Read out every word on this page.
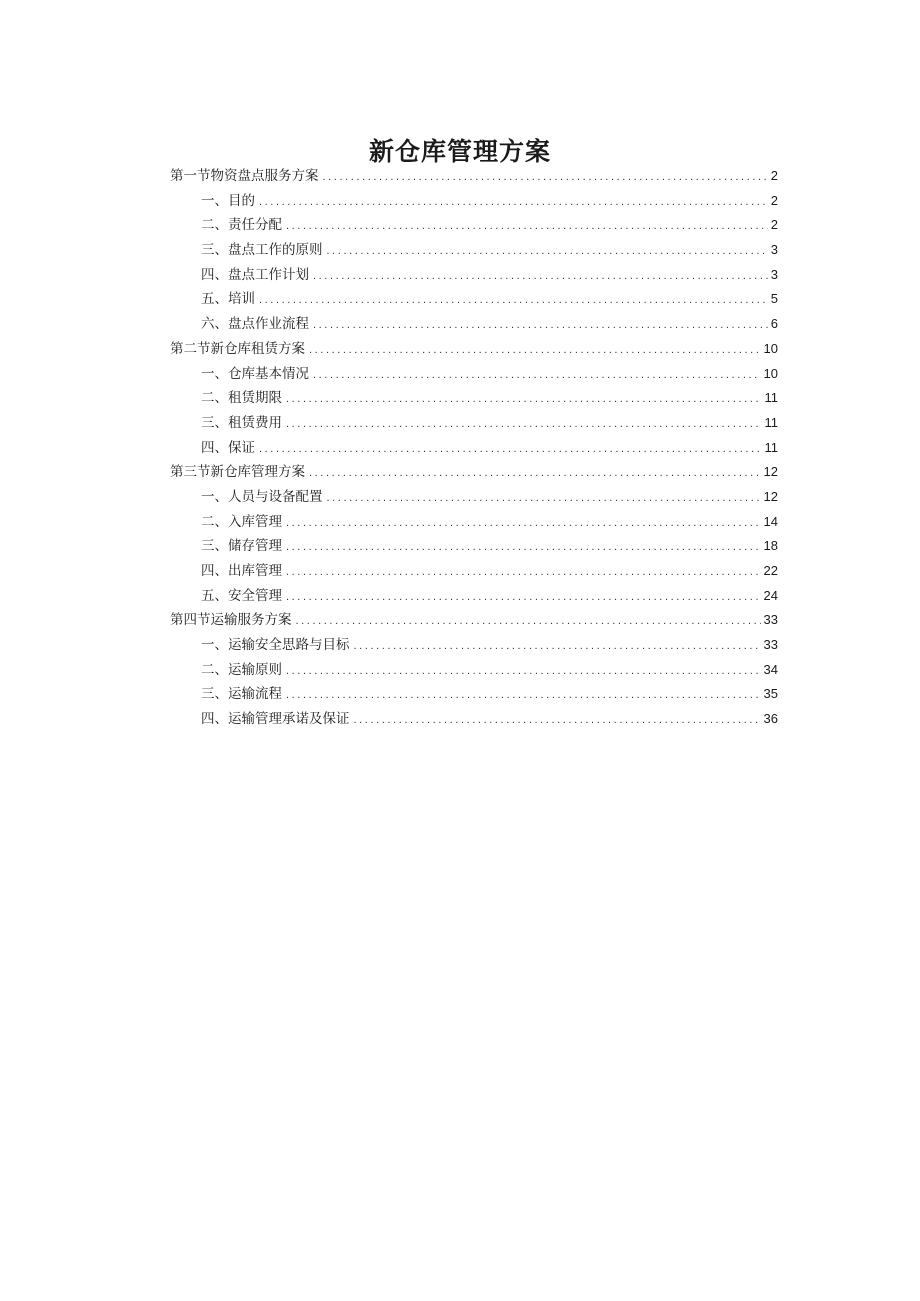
新仓库管理方案
第一节物资盘点服务方案 .....	2
一、目的 .....	2
二、责任分配 .....	2
三、盘点工作的原则 .....	3
四、盘点工作计划 .....	3
五、培训 .....	5
六、盘点作业流程 .....	6
第二节新仓库租赁方案 .....	10
一、仓库基本情况 .....	10
二、租赁期限 .....	11
三、租赁费用 .....	11
四、保证 .....	11
第三节新仓库管理方案 .....	12
一、人员与设备配置 .....	12
二、入库管理 .....	14
三、储存管理 .....	18
四、出库管理 .....	22
五、安全管理 .....	24
第四节运输服务方案 .....	33
一、运输安全思路与目标 .....	33
二、运输原则 .....	34
三、运输流程 .....	35
四、运输管理承诺及保证 .....	36
